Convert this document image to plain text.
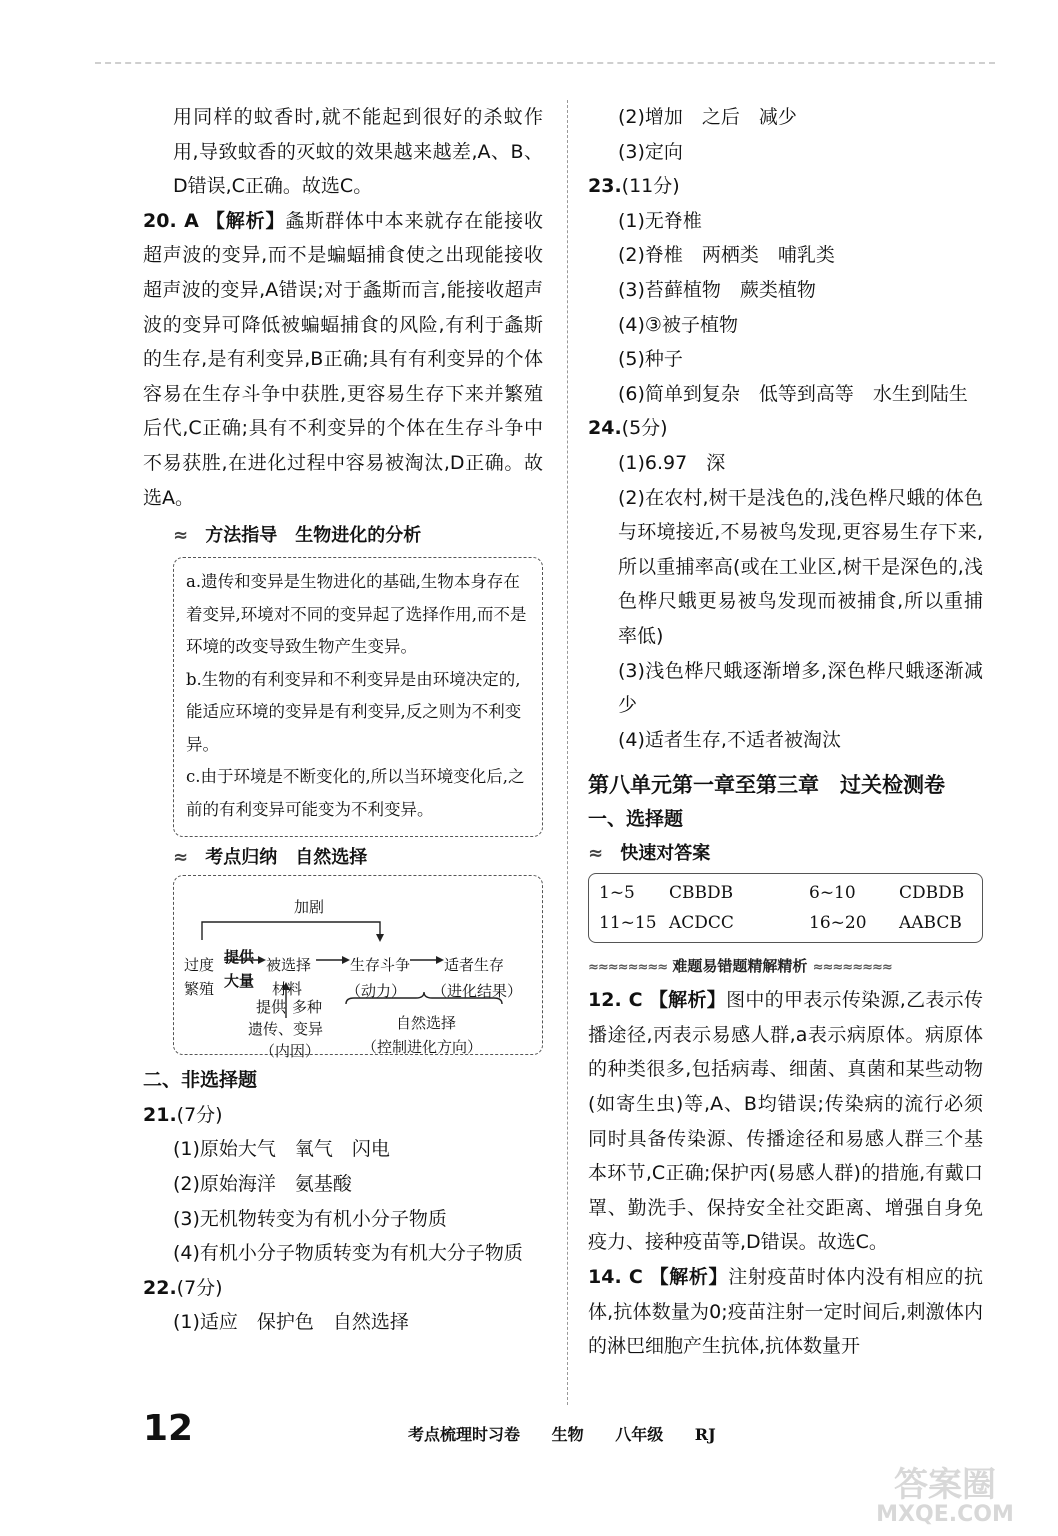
用同样的蚊香时,就不能起到很好的杀蚊作用,导致蚊香的灭蚊的效果越来越差,A、B、D错误,C正确。故选C。

20. A 【解析】螽斯群体中本来就存在能接收超声波的变异,而不是蝙蝠捕食使之出现能接收超声波的变异,A错误;对于螽斯而言,能接收超声波的变异可降低被蝙蝠捕食的风险,有利于螽斯的生存,是有利变异,B正确;具有有利变异的个体容易在生存斗争中获胜,更容易生存下来并繁殖后代,C正确;具有不利变异的个体在生存斗争中不易获胜,在进化过程中容易被淘汰,D正确。故选A。

≈ 方法指导　生物进化的分析
a.遗传和变异是生物进化的基础,生物本身存在着变异,环境对不同的变异起了选择作用,而不是环境的改变导致生物产生变异。
b.生物的有利变异和不利变异是由环境决定的,能适应环境的变异是有利变异,反之则为不利变异。
c.由于环境是不断变化的,所以当环境变化后,之前的有利变异可能变为不利变异。
≈ 考点归纳　自然选择
加剧
过度
繁殖
提供
大量
被选择
材料
生存斗争
（动力）
适者生存
（进化结果）
提供 多种
遗传、变异
（内因）
自然选择
（控制进化方向）
二、非选择题
21.(7分)
(1)原始大气　氧气　闪电
(2)原始海洋　氨基酸
(3)无机物转变为有机小分子物质
(4)有机小分子物质转变为有机大分子物质
22.(7分)
(1)适应　保护色　自然选择
(2)增加　之后　减少
(3)定向
23.(11分)
(1)无脊椎
(2)脊椎　两栖类　哺乳类
(3)苔藓植物　蕨类植物
(4)③被子植物
(5)种子
(6)简单到复杂　低等到高等　水生到陆生
24.(5分)
(1)6.97　深

(2)在农村,树干是浅色的,浅色桦尺蛾的体色与环境接近,不易被鸟发现,更容易生存下来,所以重捕率高(或在工业区,树干是深色的,浅色桦尺蛾更易被鸟发现而被捕食,所以重捕率低)

(3)浅色桦尺蛾逐渐增多,深色桦尺蛾逐渐减少

(4)适者生存,不适者被淘汰
第八单元第一章至第三章　过关检测卷
一、选择题
≈ 快速对答案
1~5	CBBDB	6~10	CDBDB
11~15 ACDCC	16~20	AABCB
≈≈≈≈≈≈≈≈ 难题易错题精解精析 ≈≈≈≈≈≈≈≈

12. C 【解析】图中的甲表示传染源,乙表示传播途径,丙表示易感人群,a表示病原体。病原体的种类很多,包括病毒、细菌、真菌和某些动物(如寄生虫)等,A、B均错误;传染病的流行必须同时具备传染源、传播途径和易感人群三个基本环节,C正确;保护丙(易感人群)的措施,有戴口罩、勤洗手、保持安全社交距离、增强自身免疫力、接种疫苗等,D错误。故选C。

14. C 【解析】注射疫苗时体内没有相应的抗体,抗体数量为0;疫苗注射一定时间后,刺激体内的淋巴细胞产生抗体,抗体数量开

12	考点梳理时习卷 生物 八年级 RJ
答案圈
MXQE.COM
